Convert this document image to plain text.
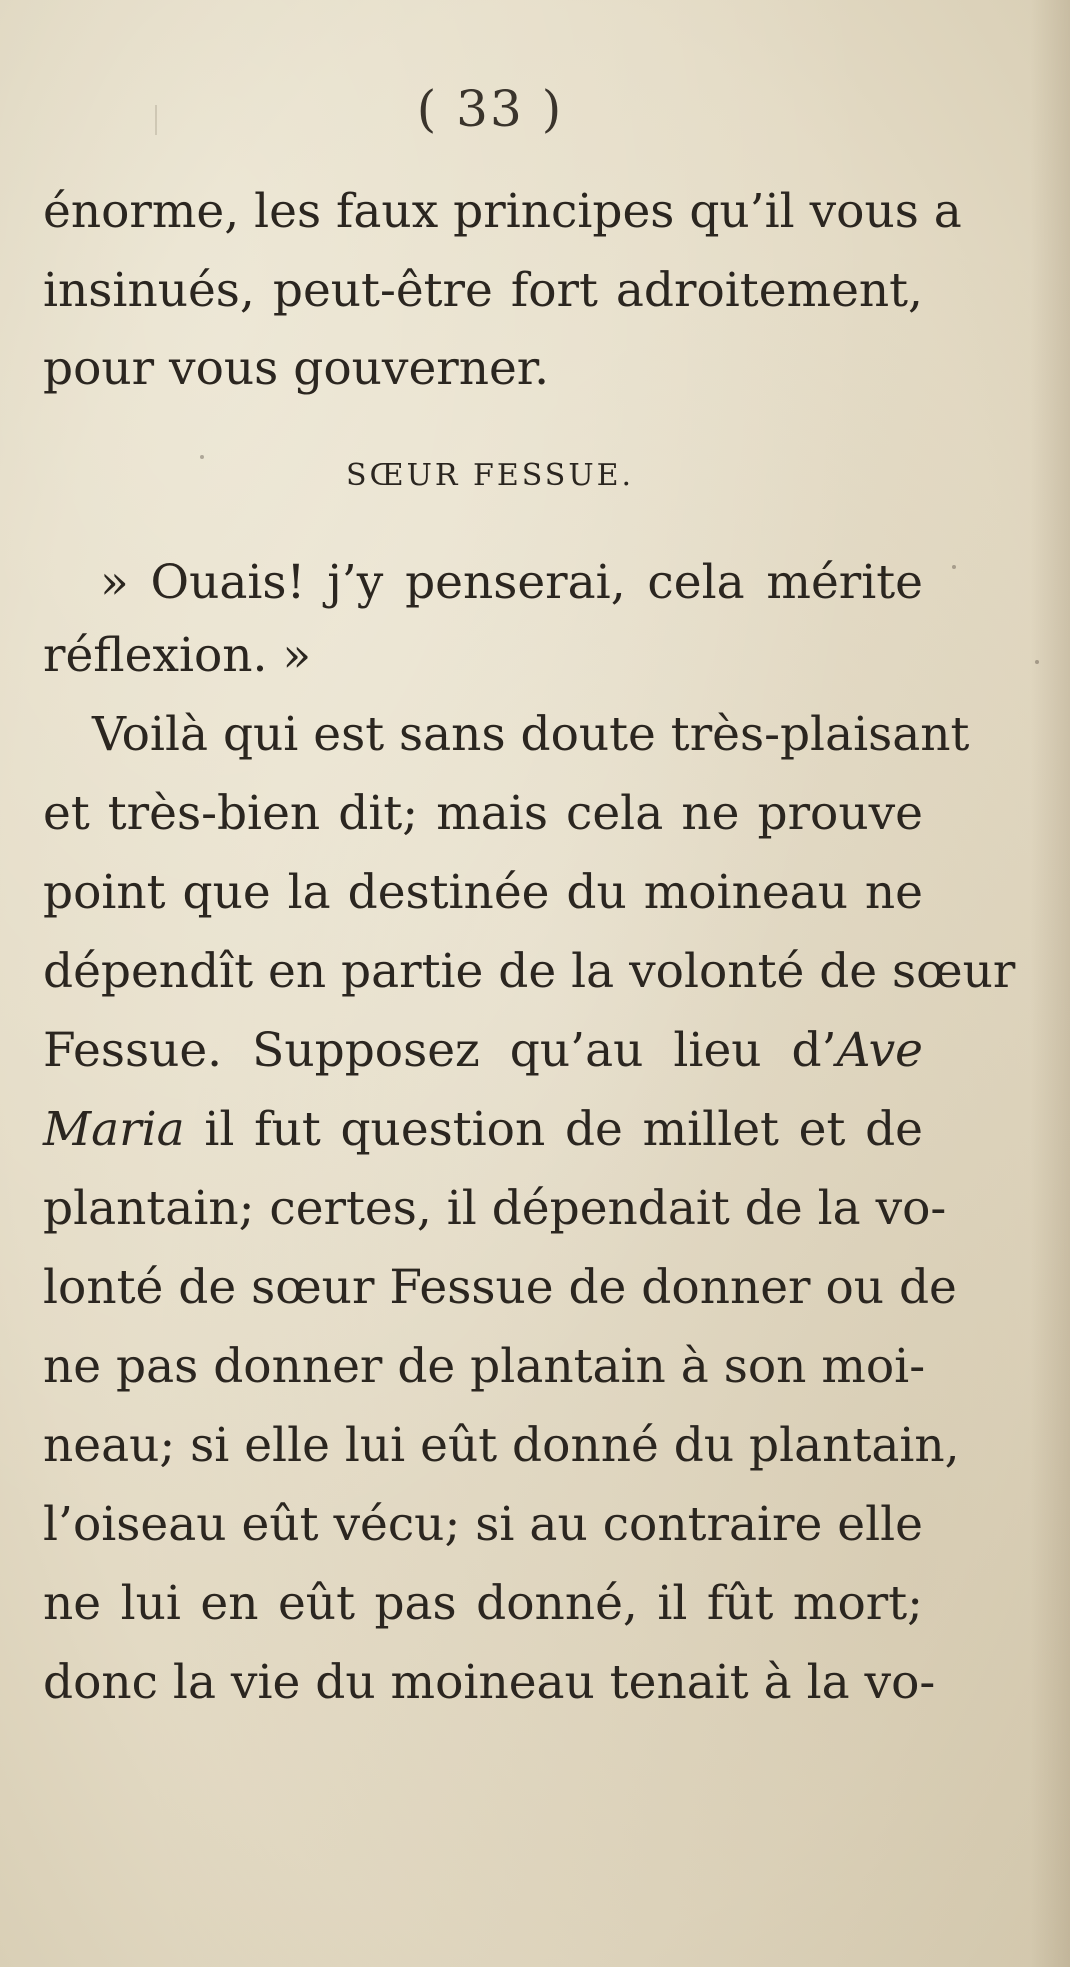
( 33 )
énorme, les faux principes qu’il vous a
insinués, peut-être fort adroitement,
pour vous gouverner.
SŒUR FESSUE.
» Ouais! j’y penserai, cela mérite
réflexion. »
Voilà qui est sans doute très-plaisant
et très-bien dit; mais cela ne prouve
point que la destinée du moineau ne
dépendît en partie de la volonté de sœur
Fessue. Supposez qu’au lieu d’Ave
Maria il fut question de millet et de
plantain; certes, il dépendait de la vo-
lonté de sœur Fessue de donner ou de
ne pas donner de plantain à son moi-
neau; si elle lui eût donné du plantain,
l’oiseau eût vécu; si au contraire elle
ne lui en eût pas donné, il fût mort;
donc la vie du moineau tenait à la vo-
